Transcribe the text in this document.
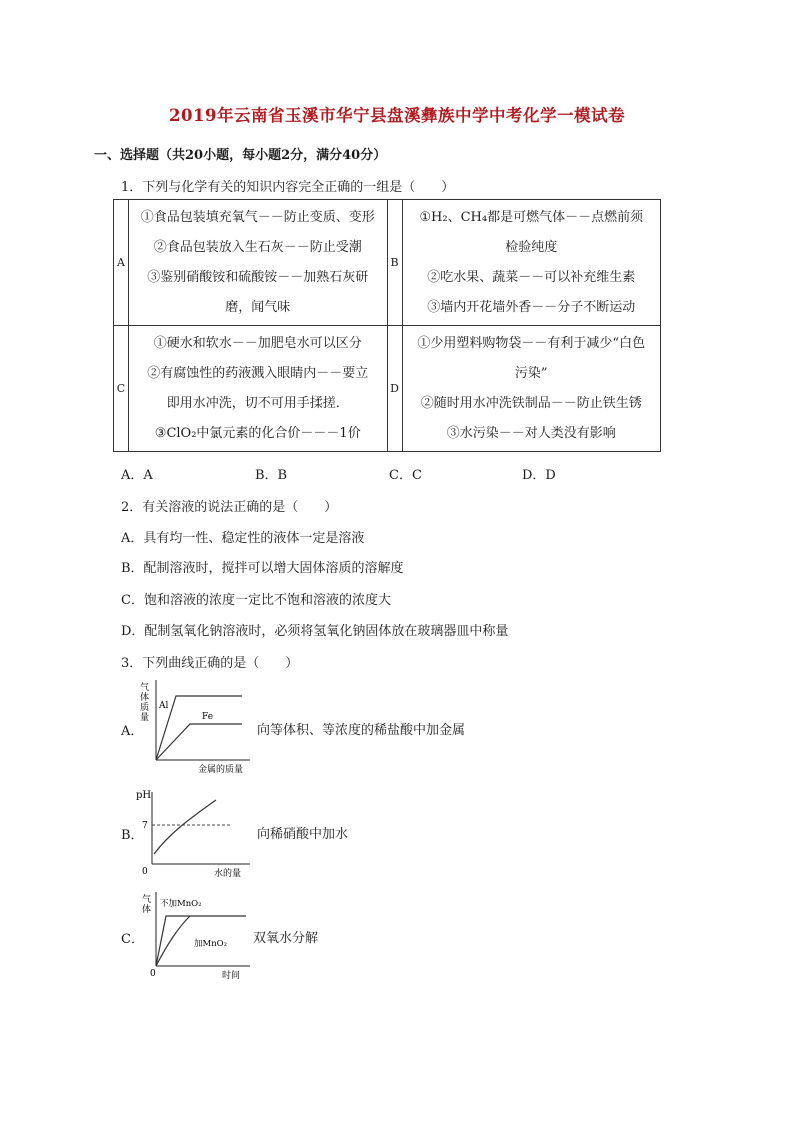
2019年云南省玉溪市华宁县盘溪彝族中学中考化学一模试卷
一、选择题（共20小题，每小题2分，满分40分）
1．下列与化学有关的知识内容完全正确的一组是（　　）
A	①食品包装填充氧气－－防止变质、变形
②食品包装放入生石灰－－防止受潮
③鉴别硝酸铵和硫酸铵－－加熟石灰研
磨，闻气味	B	①H₂、CH₄都是可燃气体－－点燃前须
检验纯度
②吃水果、蔬菜－－可以补充维生素
③墙内开花墙外香－－分子不断运动

C	①硬水和软水－－加肥皂水可以区分
②有腐蚀性的药液溅入眼睛内－－要立
即用水冲洗，切不可用手揉搓．
③ClO₂中氯元素的化合价－－－1价	D	①少用塑料购物袋－－有利于减少“白色
污染”
②随时用水冲洗铁制品－－防止铁生锈
③水污染－－对人类没有影响
A．A	B．B	C．C	D．D
2．有关溶液的说法正确的是（　　）
A．具有均一性、稳定性的液体一定是溶液
B．配制溶液时，搅拌可以增大固体溶质的溶解度
C．饱和溶液的浓度一定比不饱和溶液的浓度大
D．配制氢氧化钠溶液时，必须将氢氧化钠固体放在玻璃器皿中称量
3．下列曲线正确的是（　　）
A．
气
体
质
量
Al
Fe
金属的质量
向等体积、等浓度的稀盐酸中加金属
B．
pH
7
水的量
0
向稀硝酸中加水
C．
气
体
不加MnO₂
加MnO₂
时间
0
双氧水分解
